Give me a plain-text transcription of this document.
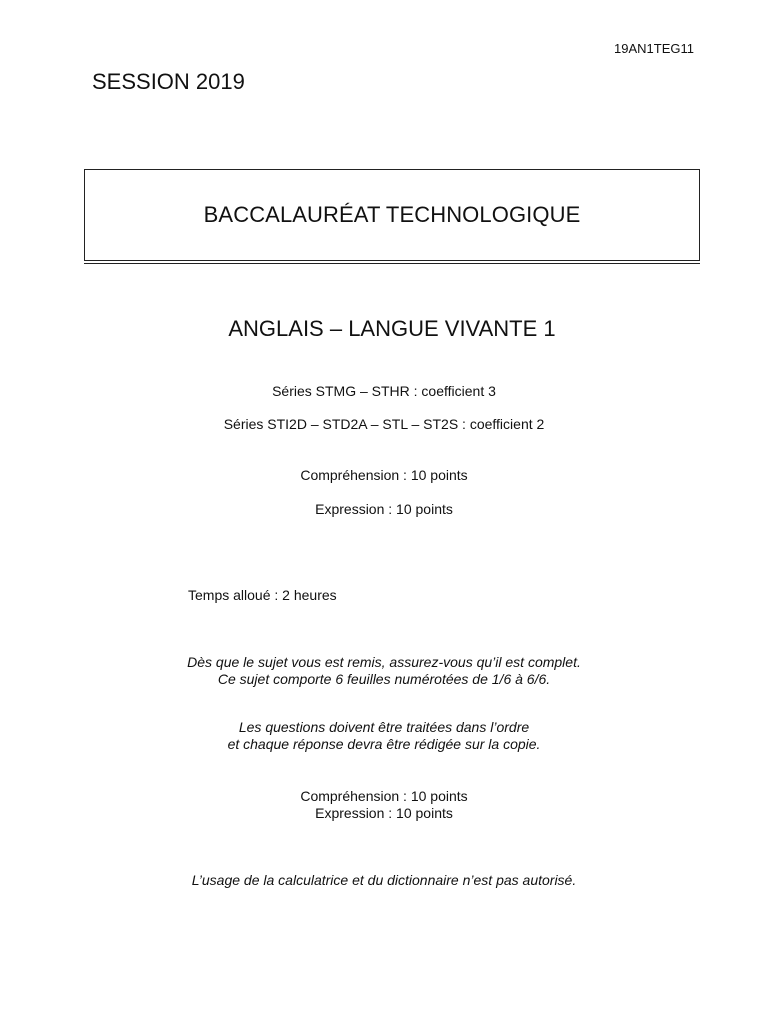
19AN1TEG11
SESSION 2019
BACCALAURÉAT TECHNOLOGIQUE
ANGLAIS – LANGUE VIVANTE 1
Séries STMG – STHR : coefficient 3
Séries STI2D – STD2A – STL – ST2S : coefficient 2
Compréhension : 10 points
Expression : 10 points
Temps alloué : 2 heures
Dès que le sujet vous est remis, assurez-vous qu’il est complet.
Ce sujet comporte 6 feuilles numérotées de 1/6 à 6/6.
Les questions doivent être traitées dans l’ordre
et chaque réponse devra être rédigée sur la copie.
Compréhension : 10 points
Expression : 10 points
L’usage de la calculatrice et du dictionnaire n’est pas autorisé.
